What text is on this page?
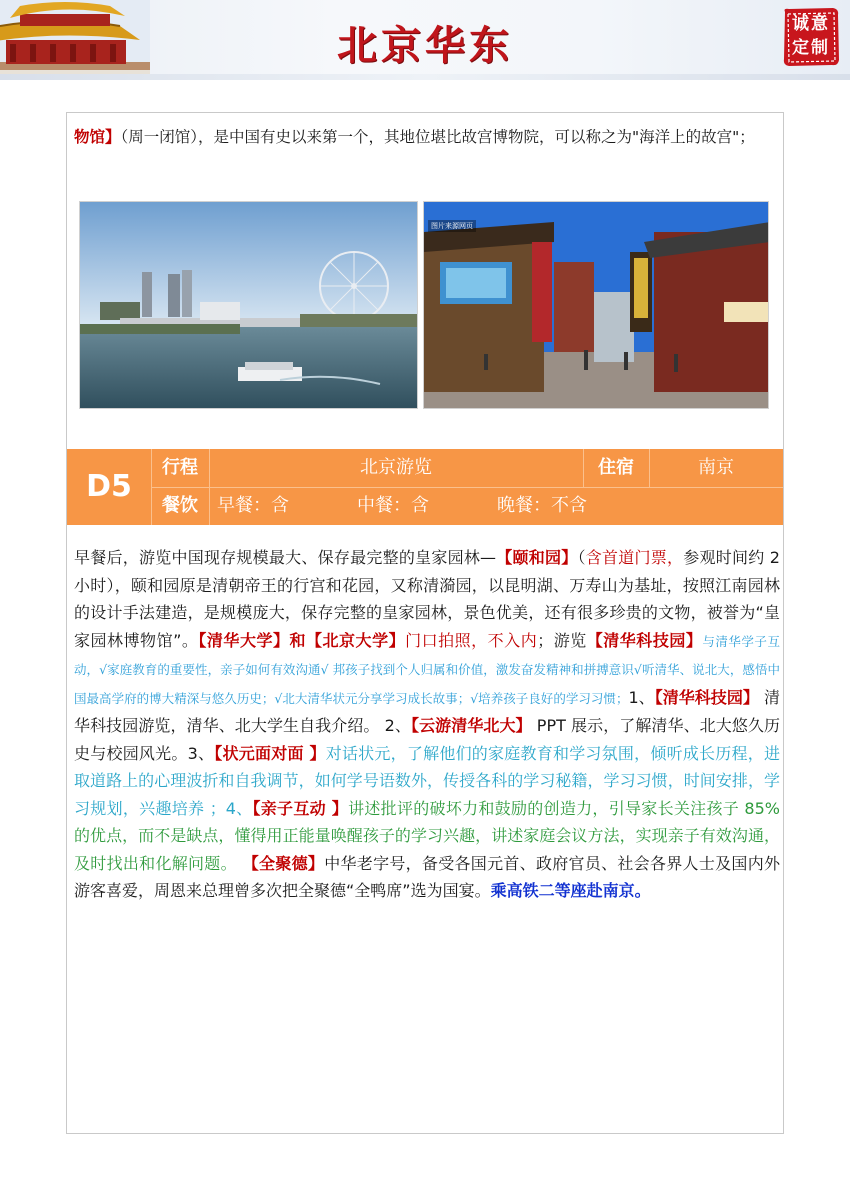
北京华东	诚意
定制
物馆】（周一闭馆），是中国有史以来第一个，其地位堪比故宫博物院，可以称之为"海洋上的故宫"；
图片来源网页
D5
行程	北京游览	住宿	南京
餐饮	早餐：含	中餐：含	晚餐：不含
早餐后，游览中国现存规模最大、保存最完整的皇家园林—【颐和园】（含首道门票，参观时间约 2 小时），颐和园原是清朝帝王的行宫和花园，又称清漪园，以昆明湖、万寿山为基址，按照江南园林的设计手法建造，是规模庞大，保存完整的皇家园林，景色优美，还有很多珍贵的文物，被誉为“皇家园林博物馆”。【清华大学】和【北京大学】门口拍照，不入内；游览【清华科技园】与清华学子互动，√家庭教育的重要性，亲子如何有效沟通√ 邦孩子找到个人归属和价值，激发奋发精神和拼搏意识√听清华、说北大，感悟中国最高学府的博大精深与悠久历史；√北大清华状元分享学习成长故事；√培养孩子良好的学习习惯；1、【清华科技园】 清华科技园游览，清华、北大学生自我介绍。 2、【云游清华北大】 PPT 展示，了解清华、北大悠久历史与校园风光。3、【状元面对面 】对话状元，了解他们的家庭教育和学习氛围，倾听成长历程，进取道路上的心理波折和自我调节，如何学号语数外，传授各科的学习秘籍，学习习惯，时间安排，学习规划，兴趣培养 ；4、【亲子互动 】讲述批评的破坏力和鼓励的创造力，引导家长关注孩子 85%的优点，而不是缺点，懂得用正能量唤醒孩子的学习兴趣，讲述家庭会议方法，实现亲子有效沟通，及时找出和化解问题。 【全聚德】中华老字号，备受各国元首、政府官员、社会各界人士及国内外游客喜爱，周恩来总理曾多次把全聚德“全鸭席”选为国宴。乘高铁二等座赴南京。
